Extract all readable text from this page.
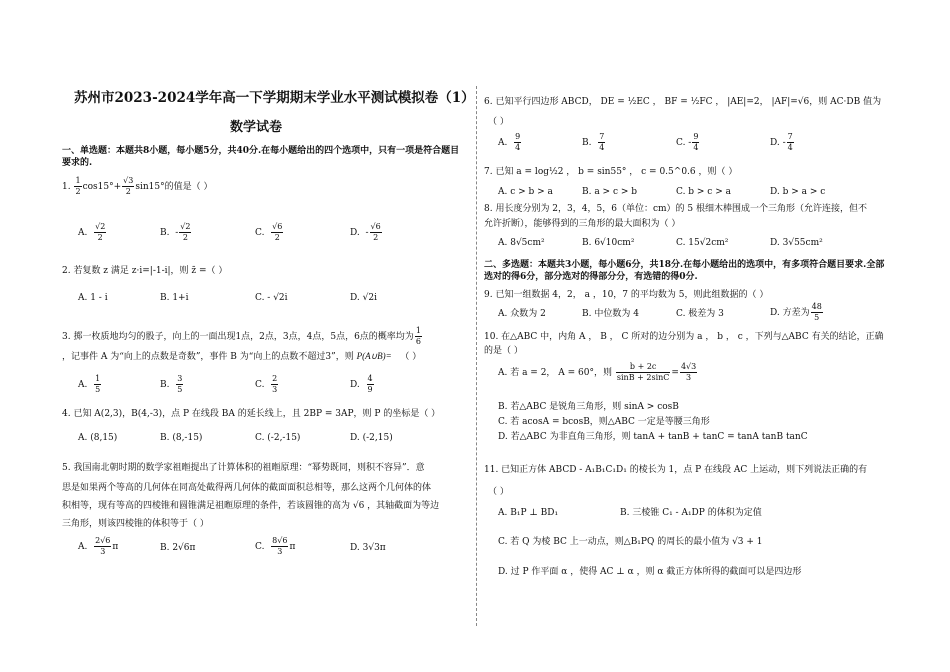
苏州市2023-2024学年高一下学期期末学业水平测试模拟卷（1）
数学试卷
一、单选题：本题共8小题，每小题5分，共40分.在每小题给出的四个选项中，只有一项是符合题目要求的.
1. $\frac{1}{2} \cos 15^\circ+ \frac{√3}{2} \sin 15^\circ$的值是（ ）
A. $\frac{√2}{2}$	B. - $\frac{√2}{2}$	C. $\frac{√6}{2}$	D. - $\frac{√6}{2}$
2. 若复数 z 满足 z·i=|-1-i|，则 z̄ =（ ）
A. 1 - i	B. 1+i	C. - √2i	D. √2i
3. 掷一枚质地均匀的骰子，向上的一面出现1点，2点，3点，4点，5点，6点的概率均为 $\frac{1}{6}$
，记事件 A 为“向上的点数是奇数”，事件 B 为“向上的点数不超过3”，则 P(A∪B)= （ ）
A. $\frac{1}{5}$	B. $\frac{3}{5}$	C. $\frac{2}{3}$	D. $\frac{4}{9}$
4. 已知 A(2,3)，B(4,-3)，点 P 在线段 BA 的延长线上，且 2BP = 3AP，则 P 的坐标是（ ）
A. (8,15)	B. (8,-15)	C. (-2,-15)	D. (-2,15)
5. 我国南北朝时期的数学家祖暅提出了计算体积的祖暅原理：“幂势既同，则积不容异”．意
思是如果两个等高的几何体在同高处截得两几何体的截面面积总相等，那么这两个几何体的体
积相等，现有等高的四棱锥和圆锥满足祖暅原理的条件，若该圆锥的高为 √6 ，其轴截面为等边
三角形，则该四棱锥的体积等于（ ）
A. $\frac{2√6}{3}$ π	B. 2√6π	C. $\frac{8√6}{3}$ π	D. 3√3π
6. 已知平行四边形 ABCD， DE = ½EC ， BF = ½FC ， |AE|=2， |AF|=√6，则 AC·DB 值为
（ ）
A. $\frac{9}{4}$	B. $\frac{7}{4}$	C. - $\frac{9}{4}$	D. - $\frac{7}{4}$
7. 已知 a = log½2 ， b = sin55° ， c = 0.5^0.6 ，则（ ）
A. c > b > a	B. a > c > b	C. b > c > a	D. b > a > c
8. 用长度分别为 2，3，4，5，6（单位：cm）的 5 根细木棒围成一个三角形（允许连接，但不
允许折断），能够得到的三角形的最大面积为（ ）
A. 8√5cm²	B. 6√10cm²	C. 15√2cm²	D. 3√55cm²
二、多选题：本题共3小题，每小题6分，共18分.在每小题给出的选项中，有多项符合题目要求.全部选对的得6分，部分选对的得部分分，有选错的得0分.
9. 已知一组数据 4，2， a ，10，7 的平均数为 5，则此组数据的（ ）
A. 众数为 2	B. 中位数为 4	C. 极差为 3	D. 方差为 $\frac{48}{5}$
10. 在△ABC 中，内角 A ， B ， C 所对的边分别为 a ， b ， c ，下列与△ABC 有关的结论，正确
的是（ ）
A. 若 a = 2， A = 60°，则 $\frac{b + 2c}{\sin B + 2\sin C} = \frac{4√3}{3}$
B. 若△ABC 是锐角三角形，则 sinA > cosB
C. 若 acosA = bcosB，则△ABC 一定是等腰三角形
D. 若△ABC 为非直角三角形，则 tanA + tanB + tanC = tanA tanB tanC
11. 已知正方体 ABCD - A₁B₁C₁D₁ 的棱长为 1，点 P 在线段 AC 上运动，则下列说法正确的有
（ ）
A. B₁P ⊥ BD₁	B. 三棱锥 C₁ - A₁DP 的体积为定值
C. 若 Q 为棱 BC 上一动点，则△B₁PQ 的周长的最小值为 √3 + 1
D. 过 P 作平面 α ，使得 AC ⊥ α ，则 α 截正方体所得的截面可以是四边形
